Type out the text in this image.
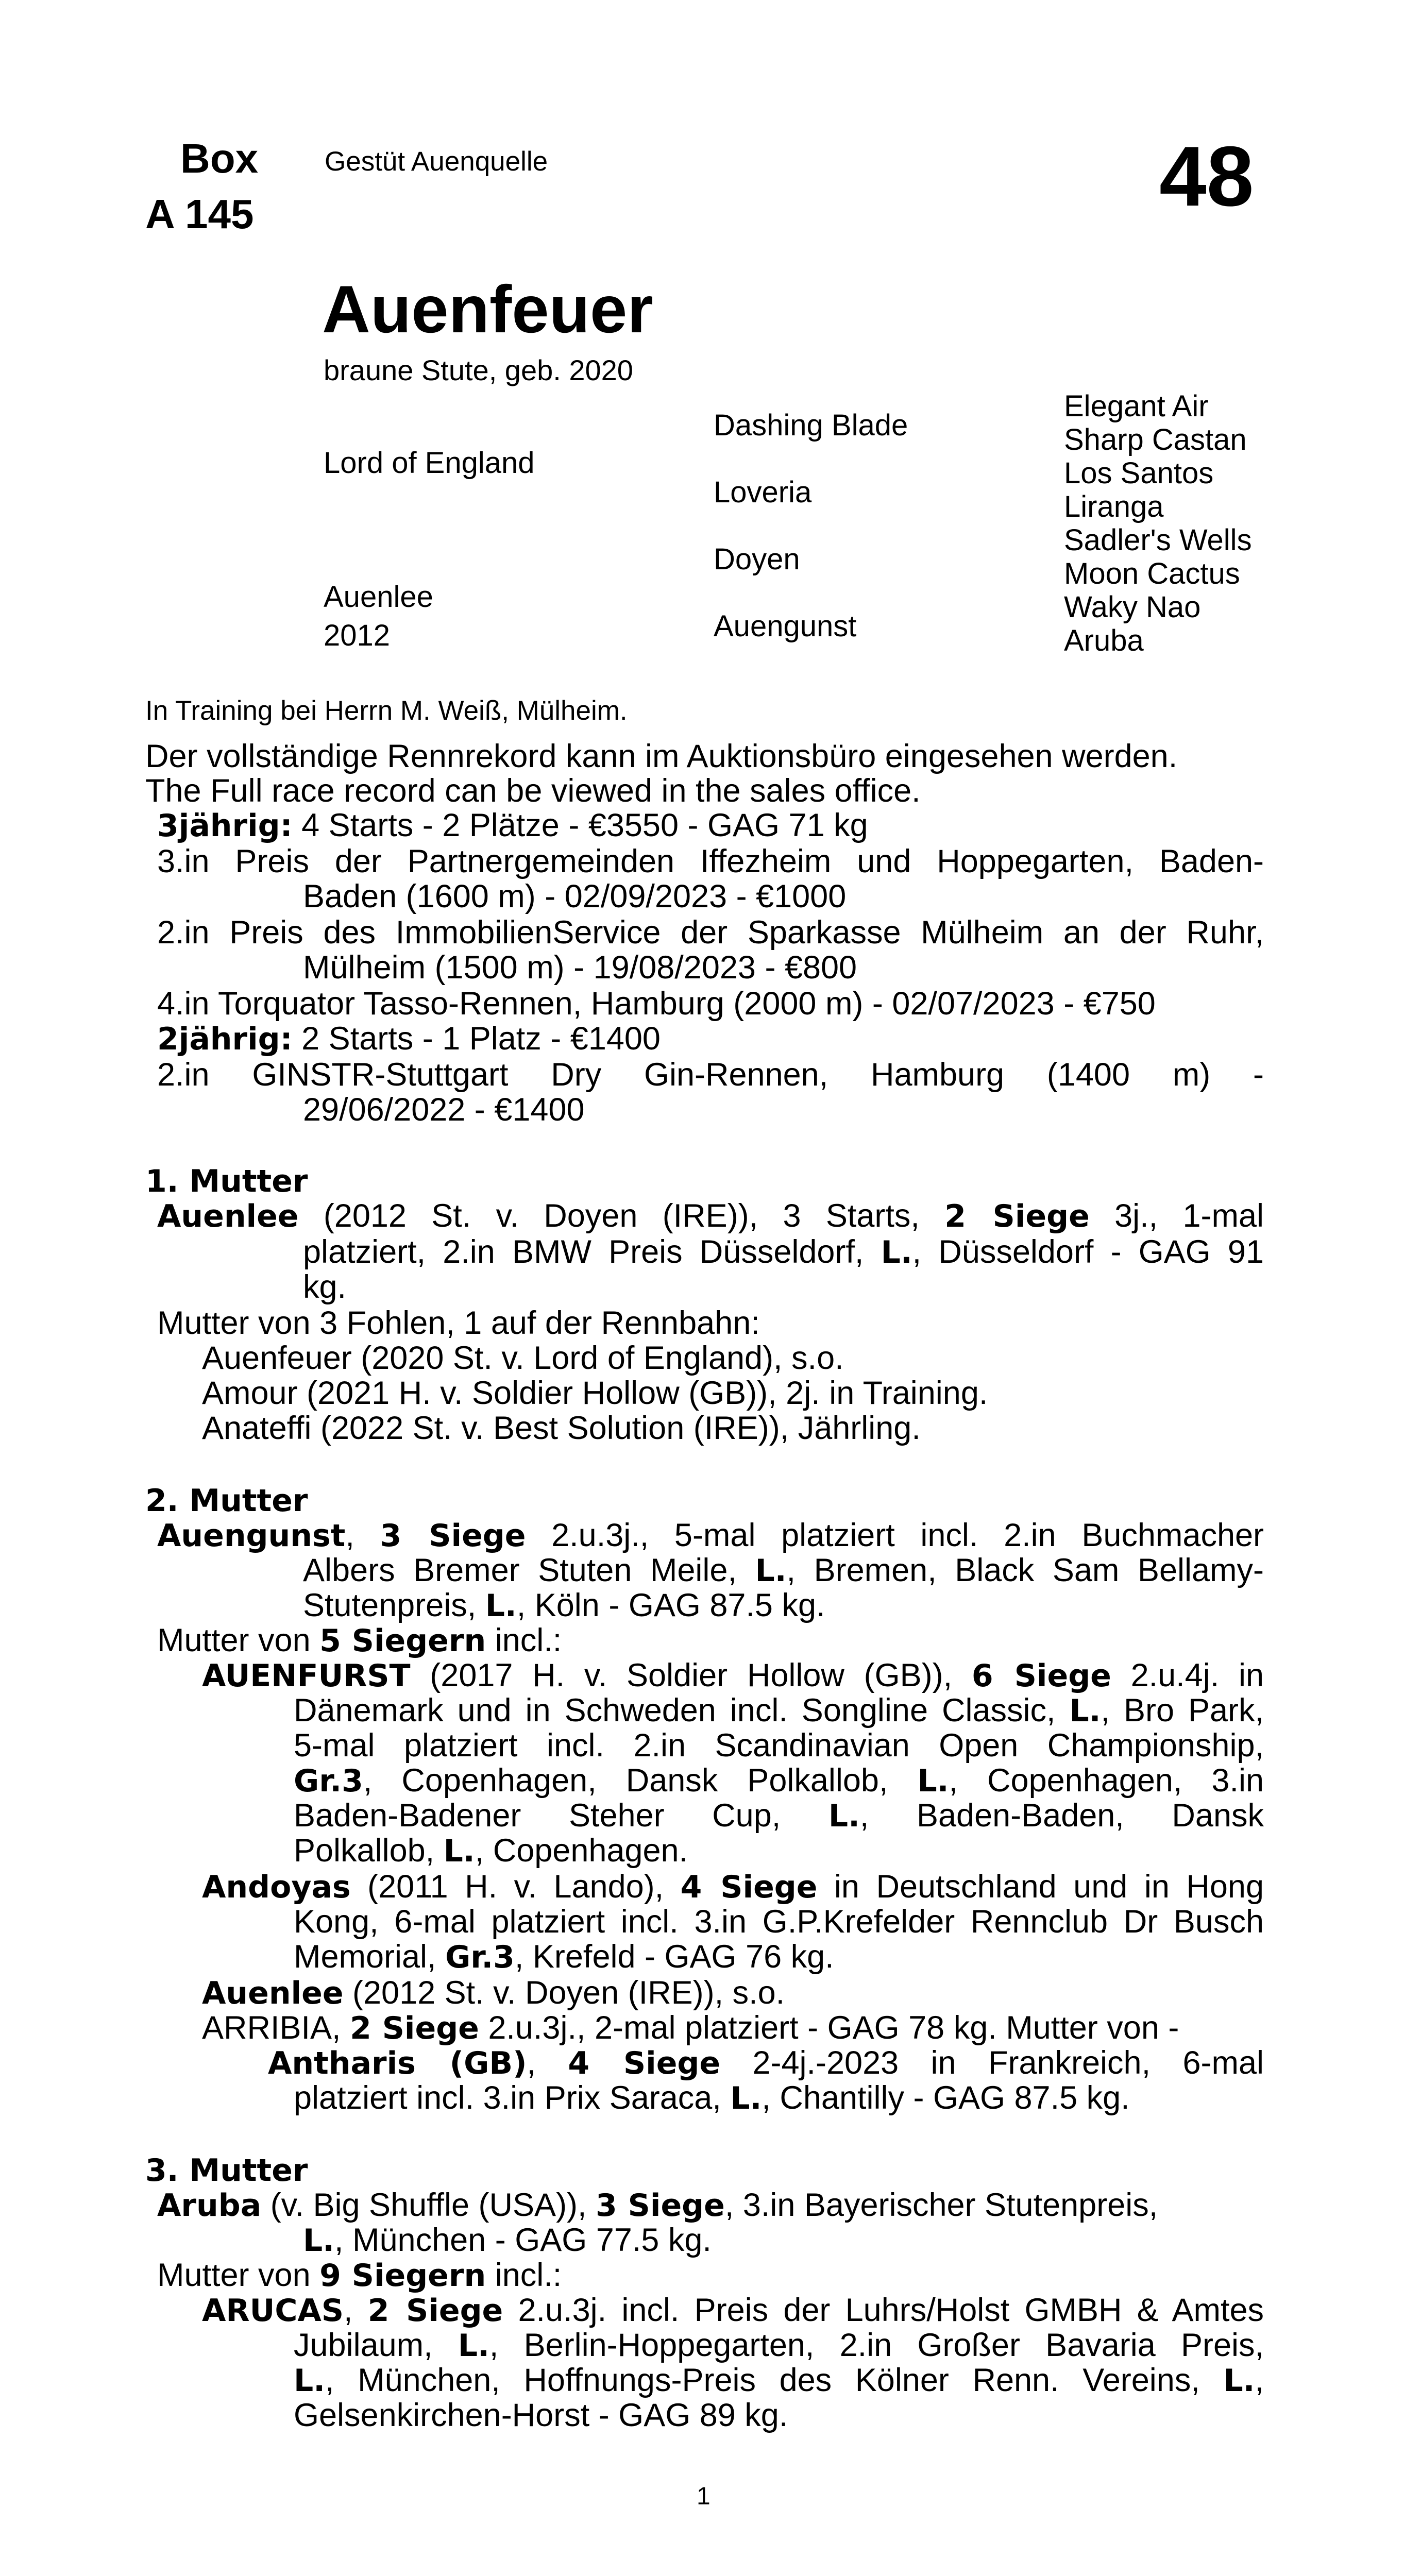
Box
A 145
Gestüt Auenquelle	48
Auenfeuer
braune Stute, geb. 2020
Lord of England
Auenlee
2012
Dashing Blade
Loveria
Doyen
Auengunst
Elegant Air
Sharp Castan
Los Santos
Liranga
Sadler's Wells
Moon Cactus
Waky Nao
Aruba
In Training bei Herrn M. Weiß, Mülheim.
Der vollständige Rennrekord kann im Auktionsbüro eingesehen werden.
The Full race record can be viewed in the sales office.
3jährig: 4 Starts - 2 Plätze - €3550 - GAG 71 kg
3.in Preis der Partnergemeinden Iffezheim und Hoppegarten, Baden-
Baden (1600 m) - 02/09/2023 - €1000
2.in Preis des ImmobilienService der Sparkasse Mülheim an der Ruhr,
Mülheim (1500 m) - 19/08/2023 - €800
4.in Torquator Tasso-Rennen, Hamburg (2000 m) - 02/07/2023 - €750
2jährig: 2 Starts - 1 Platz - €1400
2.in GINSTR-Stuttgart Dry Gin-Rennen, Hamburg (1400 m) -
29/06/2022 - €1400
1. Mutter
Auenlee (2012 St. v. Doyen (IRE)), 3 Starts, 2 Siege 3j., 1-mal
platziert, 2.in BMW Preis Düsseldorf, L., Düsseldorf - GAG 91
kg.
Mutter von 3 Fohlen, 1 auf der Rennbahn:
Auenfeuer (2020 St. v. Lord of England), s.o.
Amour (2021 H. v. Soldier Hollow (GB)), 2j. in Training.
Anateffi (2022 St. v. Best Solution (IRE)), Jährling.
2. Mutter
Auengunst, 3 Siege 2.u.3j., 5-mal platziert incl. 2.in Buchmacher
Albers Bremer Stuten Meile, L., Bremen, Black Sam Bellamy-
Stutenpreis, L., Köln - GAG 87.5 kg.
Mutter von 5 Siegern incl.:
AUENFURST (2017 H. v. Soldier Hollow (GB)), 6 Siege 2.u.4j. in
Dänemark und in Schweden incl. Songline Classic, L., Bro Park,
5-mal platziert incl. 2.in Scandinavian Open Championship,
Gr.3, Copenhagen, Dansk Polkallob, L., Copenhagen, 3.in
Baden-Badener Steher Cup, L., Baden-Baden, Dansk
Polkallob, L., Copenhagen.
Andoyas (2011 H. v. Lando), 4 Siege in Deutschland und in Hong
Kong, 6-mal platziert incl. 3.in G.P.Krefelder Rennclub Dr Busch
Memorial, Gr.3, Krefeld - GAG 76 kg.
Auenlee (2012 St. v. Doyen (IRE)), s.o.
ARRIBIA, 2 Siege 2.u.3j., 2-mal platziert - GAG 78 kg. Mutter von -
Antharis (GB), 4 Siege 2-4j.-2023 in Frankreich, 6-mal
platziert incl. 3.in Prix Saraca, L., Chantilly - GAG 87.5 kg.
3. Mutter
Aruba (v. Big Shuffle (USA)), 3 Siege, 3.in Bayerischer Stutenpreis,
L., München - GAG 77.5 kg.
Mutter von 9 Siegern incl.:
ARUCAS, 2 Siege 2.u.3j. incl. Preis der Luhrs/Holst GMBH & Amtes
Jubilaum, L., Berlin-Hoppegarten, 2.in Großer Bavaria Preis,
L., München, Hoffnungs-Preis des Kölner Renn. Vereins, L.,
Gelsenkirchen-Horst - GAG 89 kg.
1
